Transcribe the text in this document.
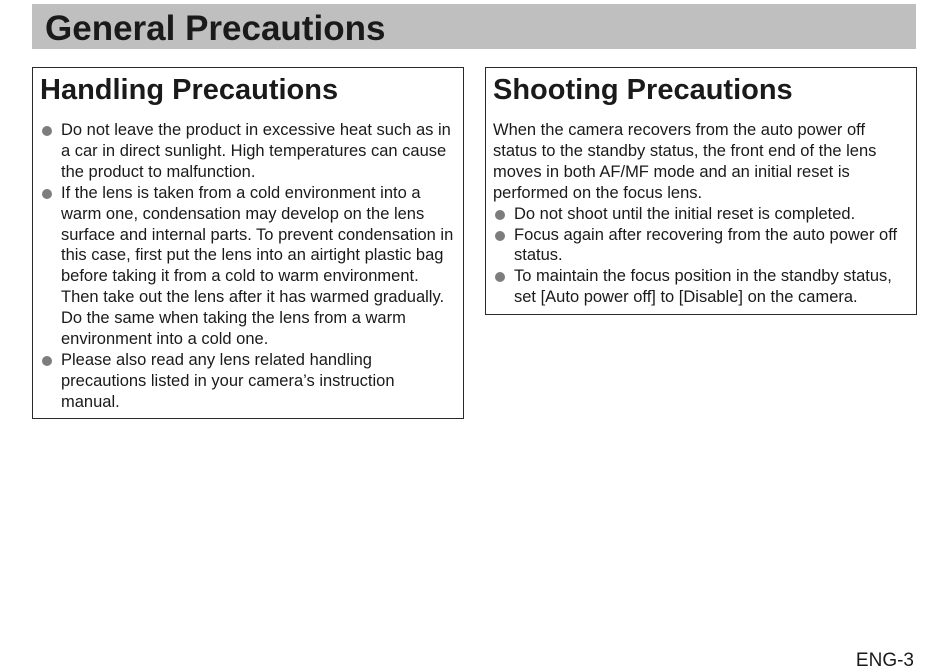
General Precautions
Handling Precautions
Do not leave the product in excessive heat such as in a car in direct sunlight. High temperatures can cause the product to malfunction.
If the lens is taken from a cold environment into a warm one, condensation may develop on the lens surface and internal parts. To prevent condensation in this case, first put the lens into an airtight plastic bag before taking it from a cold to warm environment. Then take out the lens after it has warmed gradually. Do the same when taking the lens from a warm environment into a cold one.
Please also read any lens related handling precautions listed in your camera’s instruction manual.
Shooting Precautions

When the camera recovers from the auto power off status to the standby status, the front end of the lens moves in both AF/MF mode and an initial reset is performed on the focus lens.

Do not shoot until the initial reset is completed.
Focus again after recovering from the auto power off status.
To maintain the focus position in the standby status, set [Auto power off] to [Disable] on the camera.
ENG-3
